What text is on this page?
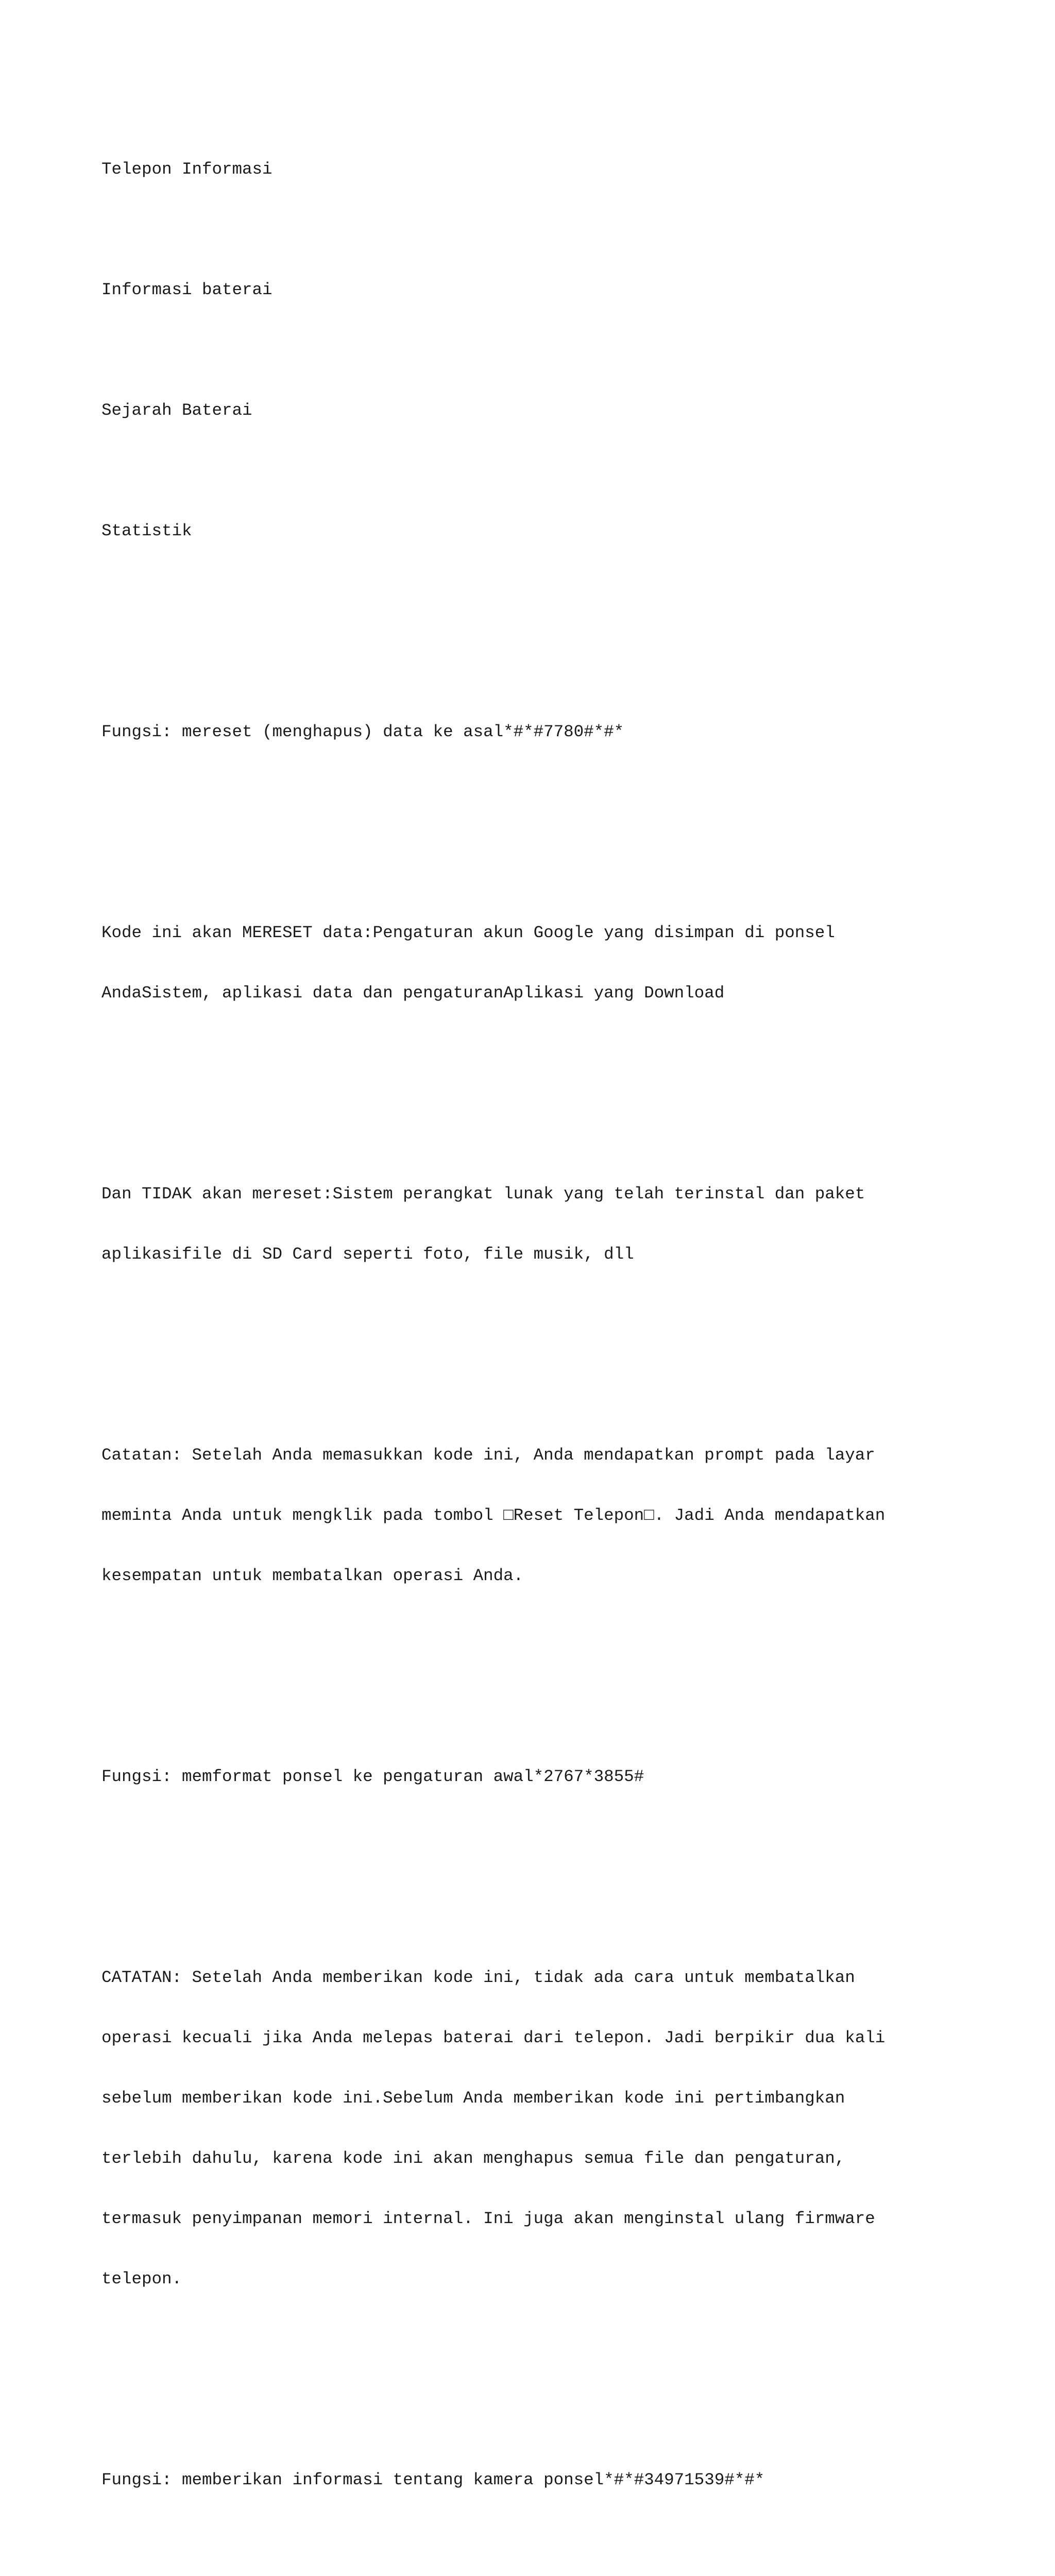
Telepon Informasi

Informasi baterai

Sejarah Baterai

Statistik

Fungsi: mereset (menghapus) data ke asal*#*#7780#*#*

Kode ini akan MERESET data:Pengaturan akun Google yang disimpan di ponsel

AndaSistem, aplikasi data dan pengaturanAplikasi yang Download

Dan TIDAK akan mereset:Sistem perangkat lunak yang telah terinstal dan paket

aplikasifile di SD Card seperti foto, file musik, dll

Catatan: Setelah Anda memasukkan kode ini, Anda mendapatkan prompt pada layar

meminta Anda untuk mengklik pada tombol □Reset Telepon□. Jadi Anda mendapatkan

kesempatan untuk membatalkan operasi Anda.

Fungsi: memformat ponsel ke pengaturan awal*2767*3855#

CATATAN: Setelah Anda memberikan kode ini, tidak ada cara untuk membatalkan

operasi kecuali jika Anda melepas baterai dari telepon. Jadi berpikir dua kali

sebelum memberikan kode ini.Sebelum Anda memberikan kode ini pertimbangkan

terlebih dahulu, karena kode ini akan menghapus semua file dan pengaturan,

termasuk penyimpanan memori internal. Ini juga akan menginstal ulang firmware

telepon.

Fungsi: memberikan informasi tentang kamera ponsel*#*#34971539#*#*
